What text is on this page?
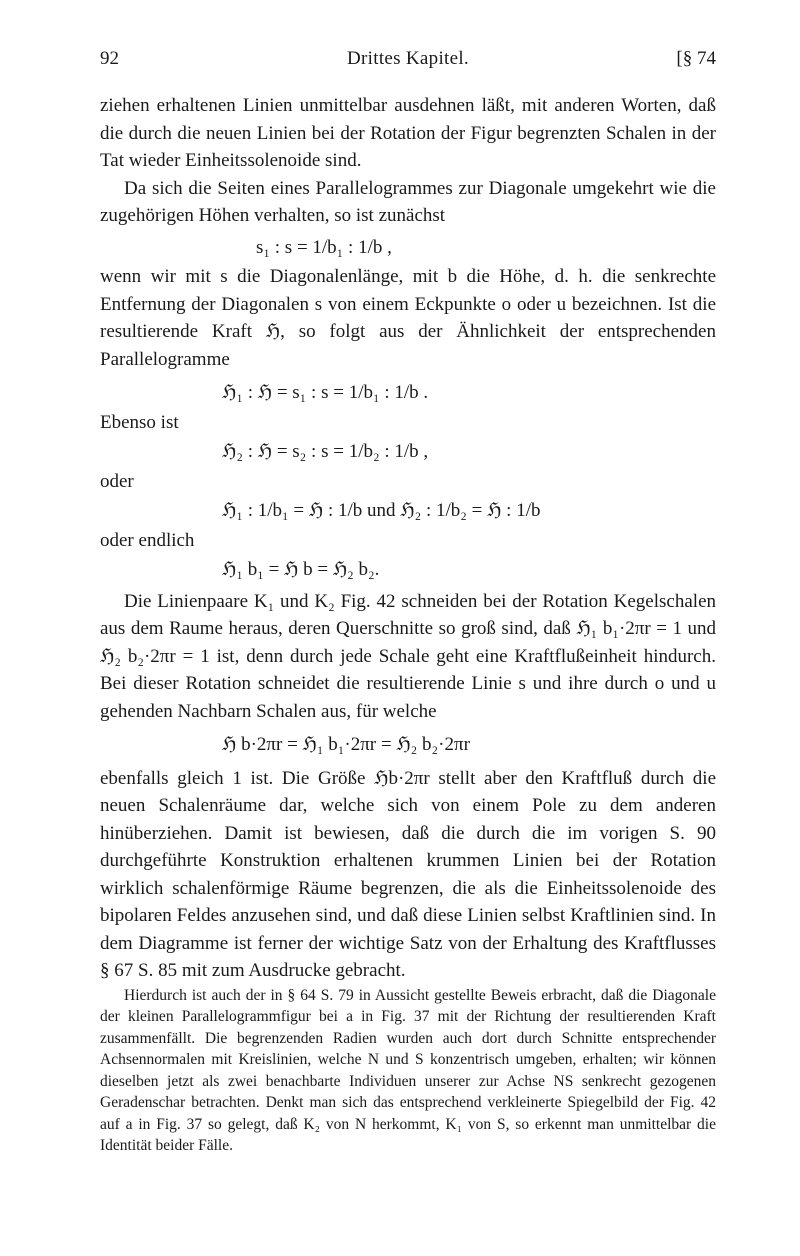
92	Drittes Kapitel.	[§ 74

ziehen erhaltenen Linien unmittelbar ausdehnen läßt, mit anderen Worten, daß die durch die neuen Linien bei der Rotation der Figur begrenzten Schalen in der Tat wieder Einheitssolenoide sind.

Da sich die Seiten eines Parallelogrammes zur Diagonale umgekehrt wie die zugehörigen Höhen verhalten, so ist zunächst

s₁ : s = 1/b₁ : 1/b ,

wenn wir mit s die Diagonalenlänge, mit b die Höhe, d. h. die senkrechte Entfernung der Diagonalen s von einem Eckpunkte o oder u bezeichnen. Ist die resultierende Kraft ℌ, so folgt aus der Ähnlichkeit der entsprechenden Parallelogramme

ℌ₁ : ℌ = s₁ : s = 1/b₁ : 1/b .

Ebenso ist

ℌ₂ : ℌ = s₂ : s = 1/b₂ : 1/b ,

oder

ℌ₁ : 1/b₁ = ℌ : 1/b und ℌ₂ : 1/b₂ = ℌ : 1/b

oder endlich

ℌ₁ b₁ = ℌ b = ℌ₂ b₂.

Die Linienpaare K₁ und K₂ Fig. 42 schneiden bei der Rotation Kegelschalen aus dem Raume heraus, deren Querschnitte so groß sind, daß ℌ₁ b₁·2πr = 1 und ℌ₂ b₂·2πr = 1 ist, denn durch jede Schale geht eine Kraftflußeinheit hindurch. Bei dieser Rotation schneidet die resultierende Linie s und ihre durch o und u gehenden Nachbarn Schalen aus, für welche

ℌ b·2πr = ℌ₁ b₁·2πr = ℌ₂ b₂·2πr

ebenfalls gleich 1 ist. Die Größe ℌb·2πr stellt aber den Kraftfluß durch die neuen Schalenräume dar, welche sich von einem Pole zu dem anderen hinüberziehen. Damit ist bewiesen, daß die durch die im vorigen S. 90 durchgeführte Konstruktion erhaltenen krummen Linien bei der Rotation wirklich schalenförmige Räume begrenzen, die als die Einheitssolenoide des bipolaren Feldes anzusehen sind, und daß diese Linien selbst Kraftlinien sind. In dem Diagramme ist ferner der wichtige Satz von der Erhaltung des Kraftflusses § 67 S. 85 mit zum Ausdrucke gebracht.

Hierdurch ist auch der in § 64 S. 79 in Aussicht gestellte Beweis erbracht, daß die Diagonale der kleinen Parallelogrammfigur bei a in Fig. 37 mit der Richtung der resultierenden Kraft zusammenfällt. Die begrenzenden Radien wurden auch dort durch Schnitte entsprechender Achsennormalen mit Kreislinien, welche N und S konzentrisch umgeben, erhalten; wir können dieselben jetzt als zwei benachbarte Individuen unserer zur Achse NS senkrecht gezogenen Geradenschar betrachten. Denkt man sich das entsprechend verkleinerte Spiegelbild der Fig. 42 auf a in Fig. 37 so gelegt, daß K₂ von N herkommt, K₁ von S, so erkennt man unmittelbar die Identität beider Fälle.
